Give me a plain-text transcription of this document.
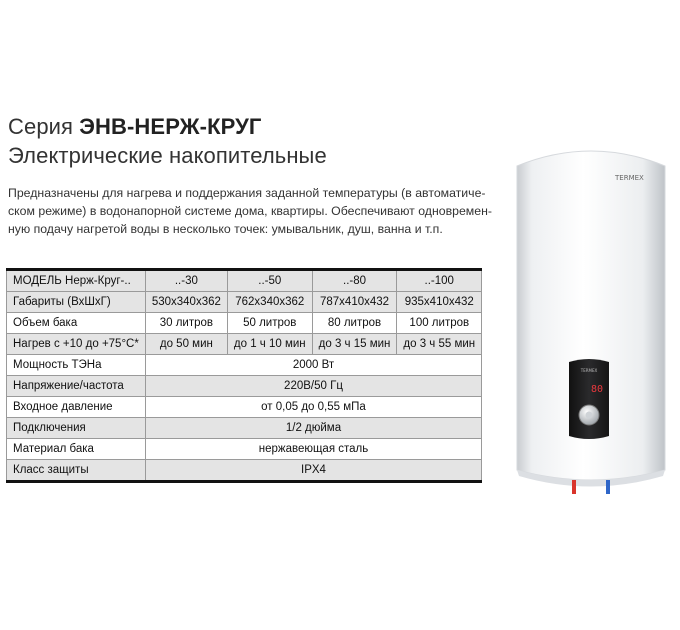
Серия ЭНВ-НЕРЖ-КРУГ
Электрические накопительные
Предназначены для нагрева и поддержания заданной температуры (в автоматиче-
ском режиме) в водонапорной системе дома, квартиры. Обеспечивают одновремен-
ную подачу нагретой воды в несколько точек: умывальник, душ, ванна и т.п.
МОДЕЛЬ Нерж-Круг-..	..-30	..-50	..-80	..-100
Габариты (ВхШхГ)	530x340x362	762x340x362	787x410x432	935x410x432
Объем бака	30 литров	50 литров	80 литров	100 литров
Нагрев с +10 до +75°С*	до 50 мин	до 1 ч 10 мин	до 3 ч 15 мин	до 3 ч 55 мин
Мощность ТЭНа	2000 Вт			
Напряжение/частота	220В/50 Гц			
Входное давление	от 0,05 до 0,55 мПа			
Подключения	1/2 дюйма			
Материал бака	нержавеющая сталь			
Класс защиты	IPX4			
TERMEX
TERMEX
80
